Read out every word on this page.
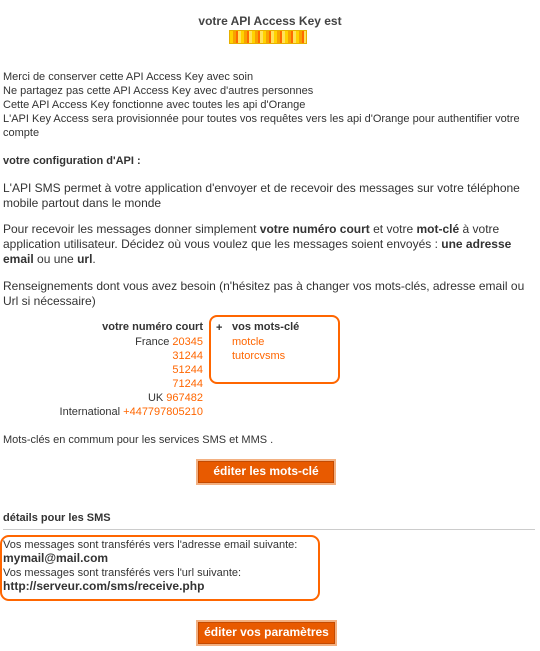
votre API Access Key est
Merci de conserver cette API Access Key avec soin
Ne partagez pas cette API Access Key avec d'autres personnes
Cette API Access Key fonctionne avec toutes les api d'Orange
L'API Key Access sera provisionnée pour toutes vos requêtes vers les api d'Orange pour authentifier votre
compte
votre configuration d'API :
L'API SMS permet à votre application d'envoyer et de recevoir des messages sur votre téléphone mobile partout dans le monde
Pour recevoir les messages donner simplement votre numéro court et votre mot-clé à votre application utilisateur. Décidez où vous voulez que les messages soient envoyés : une adresse email ou une url.
Renseignements dont vous avez besoin (n'hésitez pas à changer vos mots-clés, adresse email ou Url si nécessaire)
votre numéro court
France 20345
31244
51244
71244
UK 967482
International +447797805210
+ vos mots-clé
motcle
tutorcvsms
Mots-clés en commum pour les services SMS et MMS .
éditer les mots-clé
détails pour les SMS
Vos messages sont transférés vers l'adresse email suivante:
mymail@mail.com
Vos messages sont transférés vers l'url suivante:
http://serveur.com/sms/receive.php
éditer vos paramètres
